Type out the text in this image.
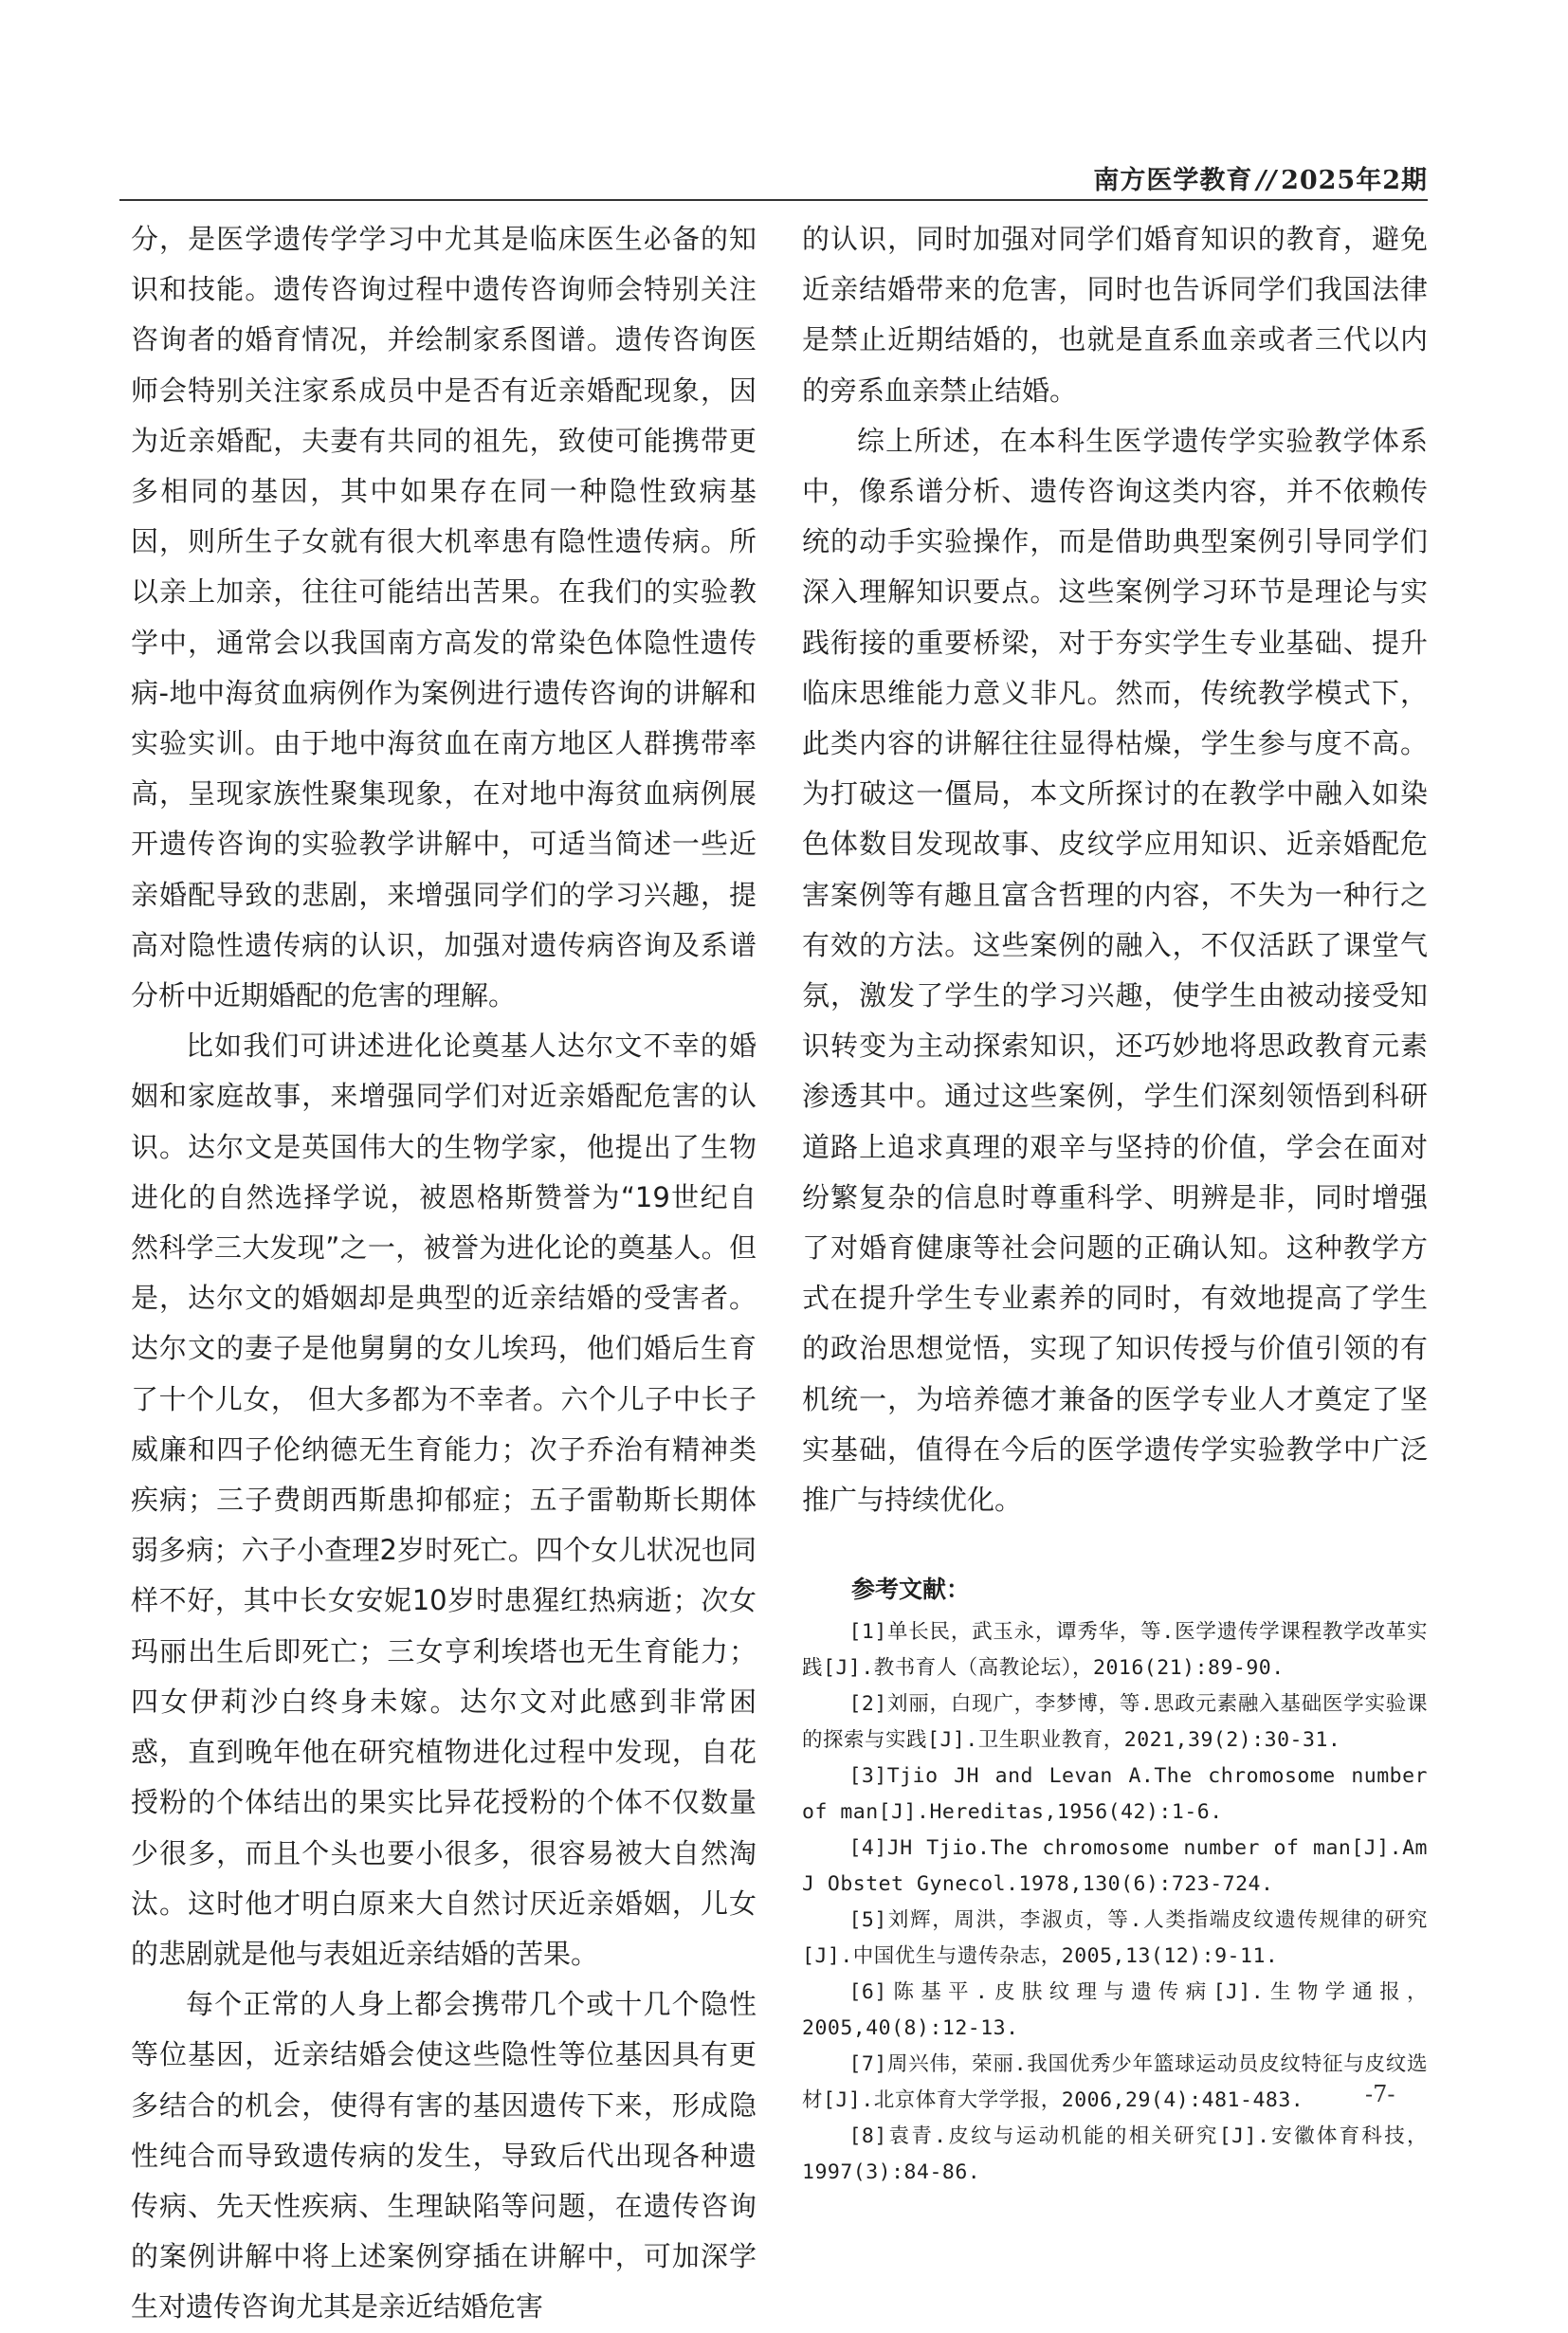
南方医学教育 // 2025年2期

分，是医学遗传学学习中尤其是临床医生必备的知识和技能。遗传咨询过程中遗传咨询师会特别关注咨询者的婚育情况，并绘制家系图谱。遗传咨询医师会特别关注家系成员中是否有近亲婚配现象，因为近亲婚配，夫妻有共同的祖先，致使可能携带更多相同的基因，其中如果存在同一种隐性致病基因，则所生子女就有很大机率患有隐性遗传病。所以亲上加亲，往往可能结出苦果。在我们的实验教学中，通常会以我国南方高发的常染色体隐性遗传病-地中海贫血病例作为案例进行遗传咨询的讲解和实验实训。由于地中海贫血在南方地区人群携带率高，呈现家族性聚集现象，在对地中海贫血病例展开遗传咨询的实验教学讲解中，可适当简述一些近亲婚配导致的悲剧，来增强同学们的学习兴趣，提高对隐性遗传病的认识，加强对遗传病咨询及系谱分析中近期婚配的危害的理解。

比如我们可讲述进化论奠基人达尔文不幸的婚姻和家庭故事，来增强同学们对近亲婚配危害的认识。达尔文是英国伟大的生物学家，他提出了生物进化的自然选择学说，被恩格斯赞誉为“19世纪自然科学三大发现”之一，被誉为进化论的奠基人。但是，达尔文的婚姻却是典型的近亲结婚的受害者。达尔文的妻子是他舅舅的女儿埃玛，他们婚后生育了十个儿女， 但大多都为不幸者。六个儿子中长子威廉和四子伦纳德无生育能力；次子乔治有精神类疾病；三子费朗西斯患抑郁症；五子雷勒斯长期体弱多病；六子小查理2岁时死亡。四个女儿状况也同样不好，其中长女安妮10岁时患猩红热病逝；次女玛丽出生后即死亡；三女亨利埃塔也无生育能力；四女伊莉沙白终身未嫁。达尔文对此感到非常困惑，直到晚年他在研究植物进化过程中发现，自花授粉的个体结出的果实比异花授粉的个体不仅数量少很多，而且个头也要小很多，很容易被大自然淘汰。这时他才明白原来大自然讨厌近亲婚姻，儿女的悲剧就是他与表姐近亲结婚的苦果。

每个正常的人身上都会携带几个或十几个隐性等位基因，近亲结婚会使这些隐性等位基因具有更多结合的机会，使得有害的基因遗传下来，形成隐性纯合而导致遗传病的发生，导致后代出现各种遗传病、先天性疾病、生理缺陷等问题，在遗传咨询的案例讲解中将上述案例穿插在讲解中，可加深学生对遗传咨询尤其是亲近结婚危害

的认识，同时加强对同学们婚育知识的教育，避免近亲结婚带来的危害，同时也告诉同学们我国法律是禁止近期结婚的，也就是直系血亲或者三代以内的旁系血亲禁止结婚。

综上所述，在本科生医学遗传学实验教学体系中，像系谱分析、遗传咨询这类内容，并不依赖传统的动手实验操作，而是借助典型案例引导同学们深入理解知识要点。这些案例学习环节是理论与实践衔接的重要桥梁，对于夯实学生专业基础、提升临床思维能力意义非凡。然而，传统教学模式下，此类内容的讲解往往显得枯燥，学生参与度不高。为打破这一僵局，本文所探讨的在教学中融入如染色体数目发现故事、皮纹学应用知识、近亲婚配危害案例等有趣且富含哲理的内容，不失为一种行之有效的方法。这些案例的融入，不仅活跃了课堂气氛，激发了学生的学习兴趣，使学生由被动接受知识转变为主动探索知识，还巧妙地将思政教育元素渗透其中。通过这些案例，学生们深刻领悟到科研道路上追求真理的艰辛与坚持的价值，学会在面对纷繁复杂的信息时尊重科学、明辨是非，同时增强了对婚育健康等社会问题的正确认知。这种教学方式在提升学生专业素养的同时，有效地提高了学生的政治思想觉悟，实现了知识传授与价值引领的有机统一，为培养德才兼备的医学专业人才奠定了坚实基础，值得在今后的医学遗传学实验教学中广泛推广与持续优化。

参考文献：

[1]单长民，武玉永，谭秀华，等.医学遗传学课程教学改革实践[J].教书育人（高教论坛），2016(21):89-90.

[2]刘丽，白现广，李梦博，等.思政元素融入基础医学实验课的探索与实践[J].卫生职业教育，2021,39(2):30-31.

[3]Tjio JH and Levan A.The chromosome number of man[J].Hereditas,1956(42):1-6.

[4]JH Tjio.The chromosome number of man[J].Am J Obstet Gynecol.1978,130(6):723-724.

[5]刘辉，周洪，李淑贞，等.人类指端皮纹遗传规律的研究[J].中国优生与遗传杂志，2005,13(12):9-11.

[6]陈基平.皮肤纹理与遗传病[J].生物学通报，2005,40(8):12-13.

[7]周兴伟，荣丽.我国优秀少年篮球运动员皮纹特征与皮纹选材[J].北京体育大学学报，2006,29(4):481-483.

[8]袁青.皮纹与运动机能的相关研究[J].安徽体育科技，1997(3):84-86.

-7-
